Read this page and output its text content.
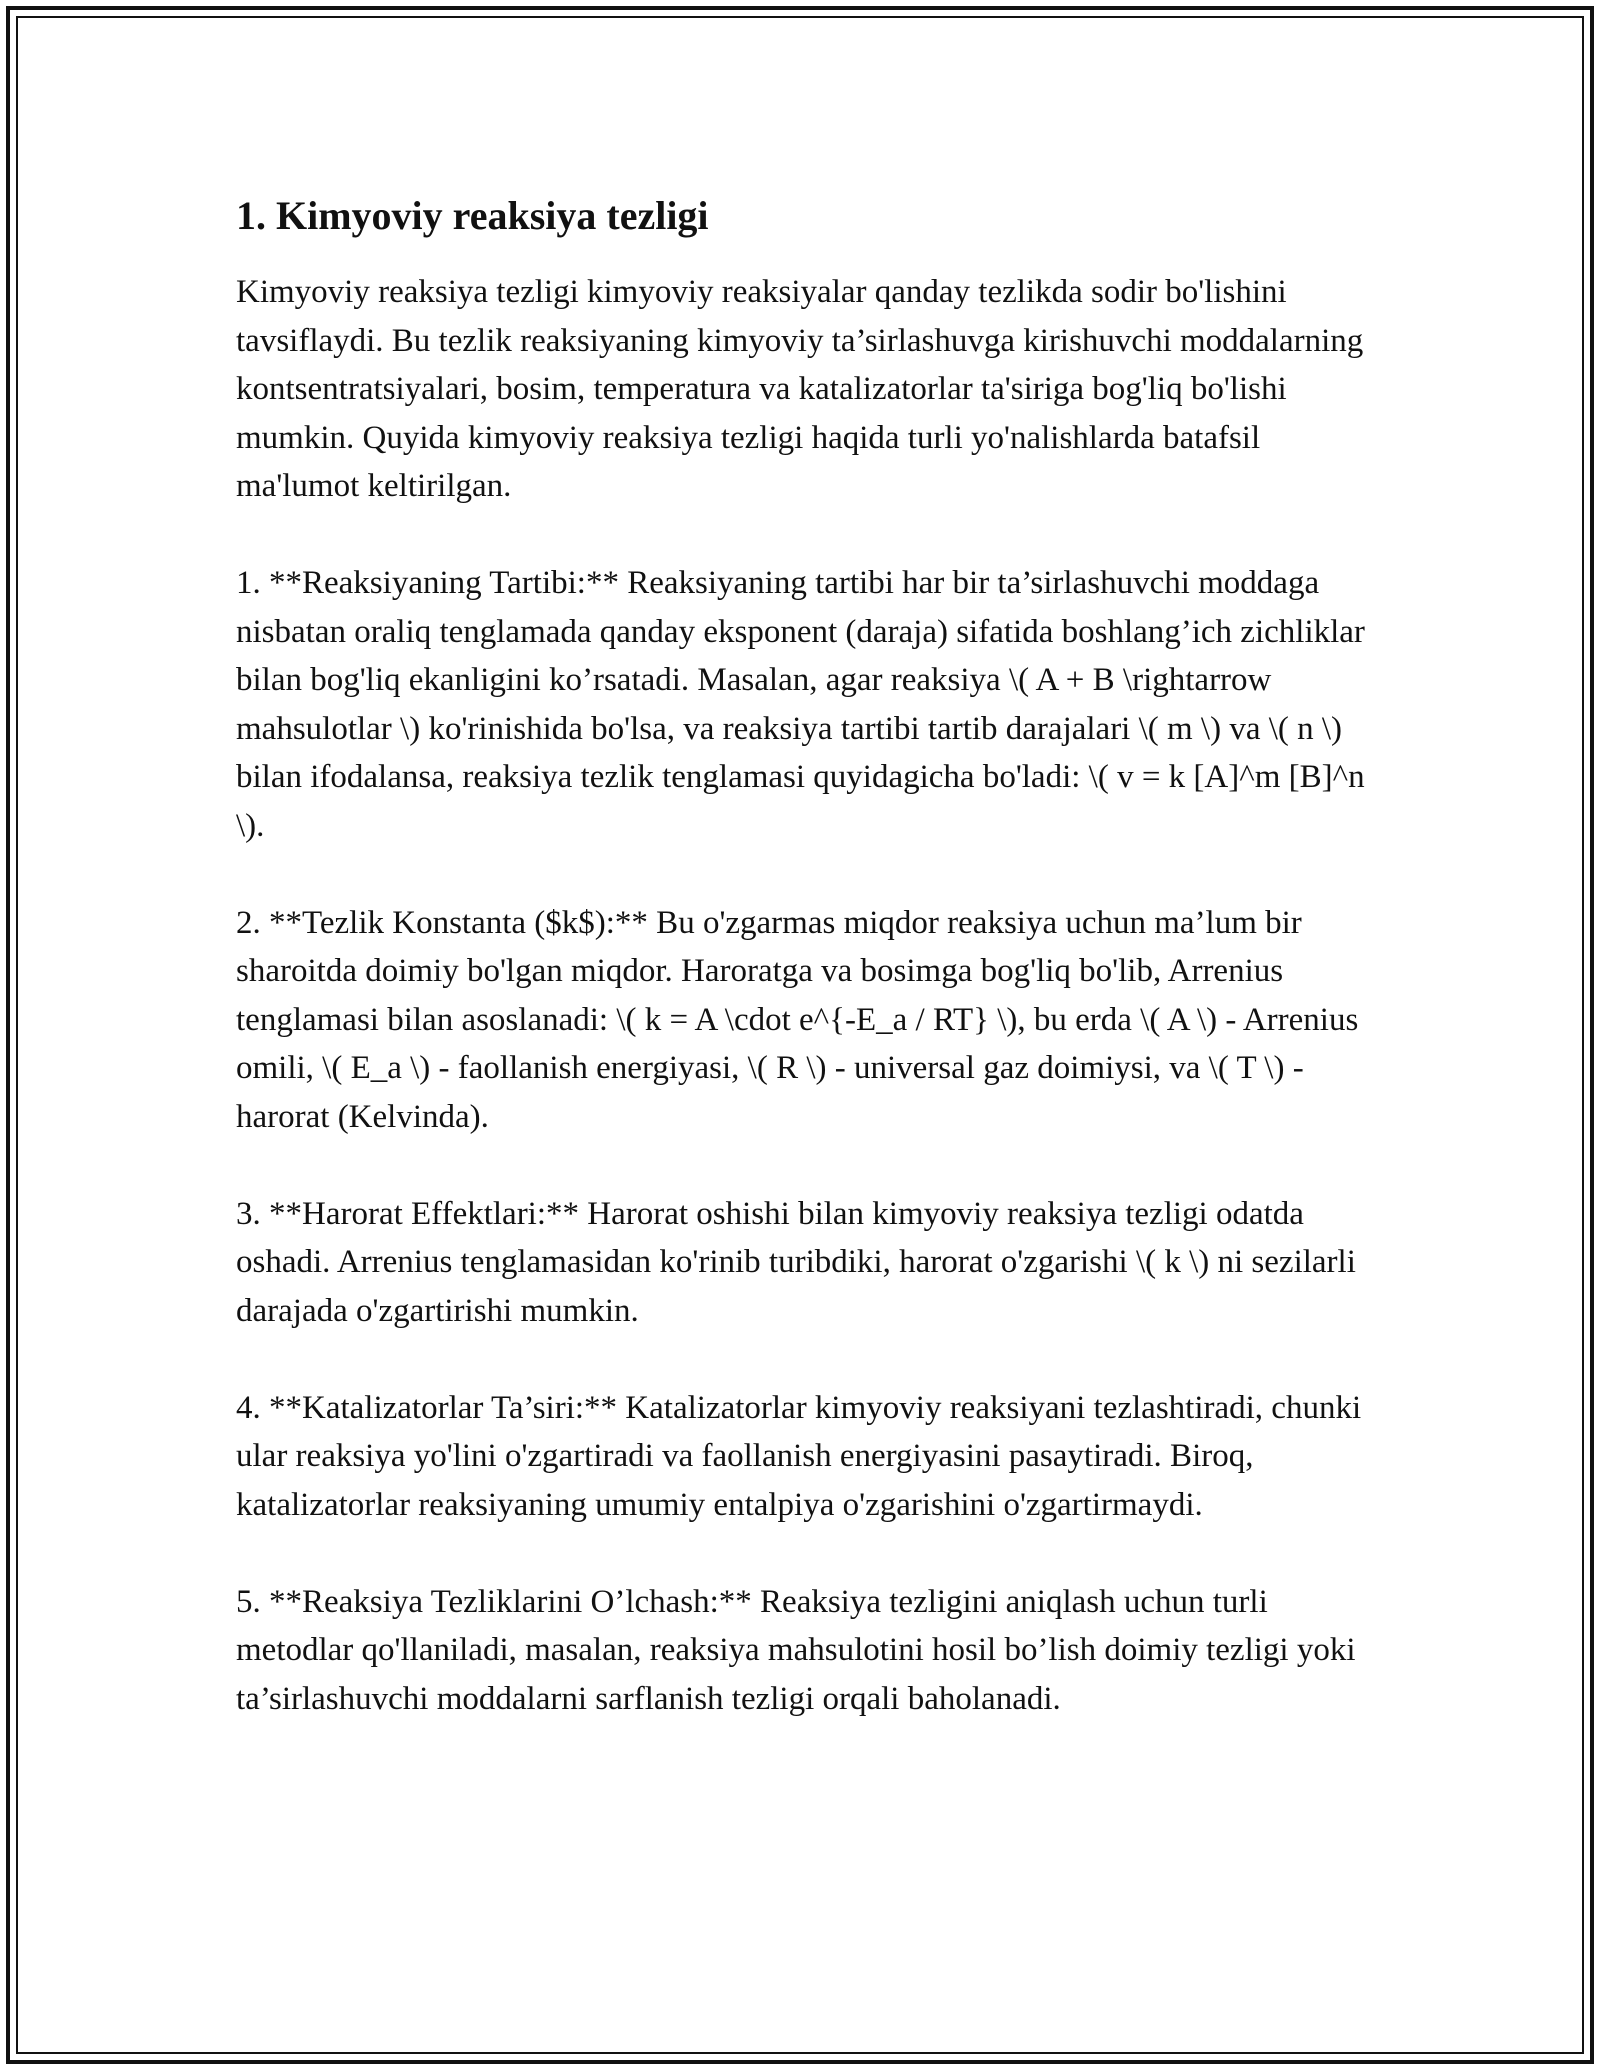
1. Kimyoviy reaksiya tezligi

Kimyoviy reaksiya tezligi kimyoviy reaksiyalar qanday tezlikda sodir bo'lishini tavsiflaydi. Bu tezlik reaksiyaning kimyoviy ta’sirlashuvga kirishuvchi moddalarning kontsentratsiyalari, bosim, temperatura va katalizatorlar ta'siriga bog'liq bo'lishi mumkin. Quyida kimyoviy reaksiya tezligi haqida turli yo'nalishlarda batafsil ma'lumot keltirilgan.

1. **Reaksiyaning Tartibi:** Reaksiyaning tartibi har bir ta’sirlashuvchi moddaga nisbatan oraliq tenglamada qanday eksponent (daraja) sifatida boshlang’ich zichliklar bilan bog'liq ekanligini ko’rsatadi. Masalan, agar reaksiya \( A + B \rightarrow mahsulotlar \) ko'rinishida bo'lsa, va reaksiya tartibi tartib darajalari \( m \) va \( n \) bilan ifodalansa, reaksiya tezlik tenglamasi quyidagicha bo'ladi: \( v = k [A]^m [B]^n \).

2. **Tezlik Konstanta ($k$):** Bu o'zgarmas miqdor reaksiya uchun ma’lum bir sharoitda doimiy bo'lgan miqdor. Haroratga va bosimga bog'liq bo'lib, Arrenius tenglamasi bilan asoslanadi: \( k = A \cdot e^{-E_a / RT} \), bu erda \( A \) - Arrenius omili, \( E_a \) - faollanish energiyasi, \( R \) - universal gaz doimiysi, va \( T \) - harorat (Kelvinda).

3. **Harorat Effektlari:** Harorat oshishi bilan kimyoviy reaksiya tezligi odatda oshadi. Arrenius tenglamasidan ko'rinib turibdiki, harorat o'zgarishi \( k \) ni sezilarli darajada o'zgartirishi mumkin.

4. **Katalizatorlar Ta’siri:** Katalizatorlar kimyoviy reaksiyani tezlashtiradi, chunki ular reaksiya yo'lini o'zgartiradi va faollanish energiyasini pasaytiradi. Biroq, katalizatorlar reaksiyaning umumiy entalpiya o'zgarishini o'zgartirmaydi.

5. **Reaksiya Tezliklarini O’lchash:** Reaksiya tezligini aniqlash uchun turli metodlar qo'llaniladi, masalan, reaksiya mahsulotini hosil bo’lish doimiy tezligi yoki ta’sirlashuvchi moddalarni sarflanish tezligi orqali baholanadi.
